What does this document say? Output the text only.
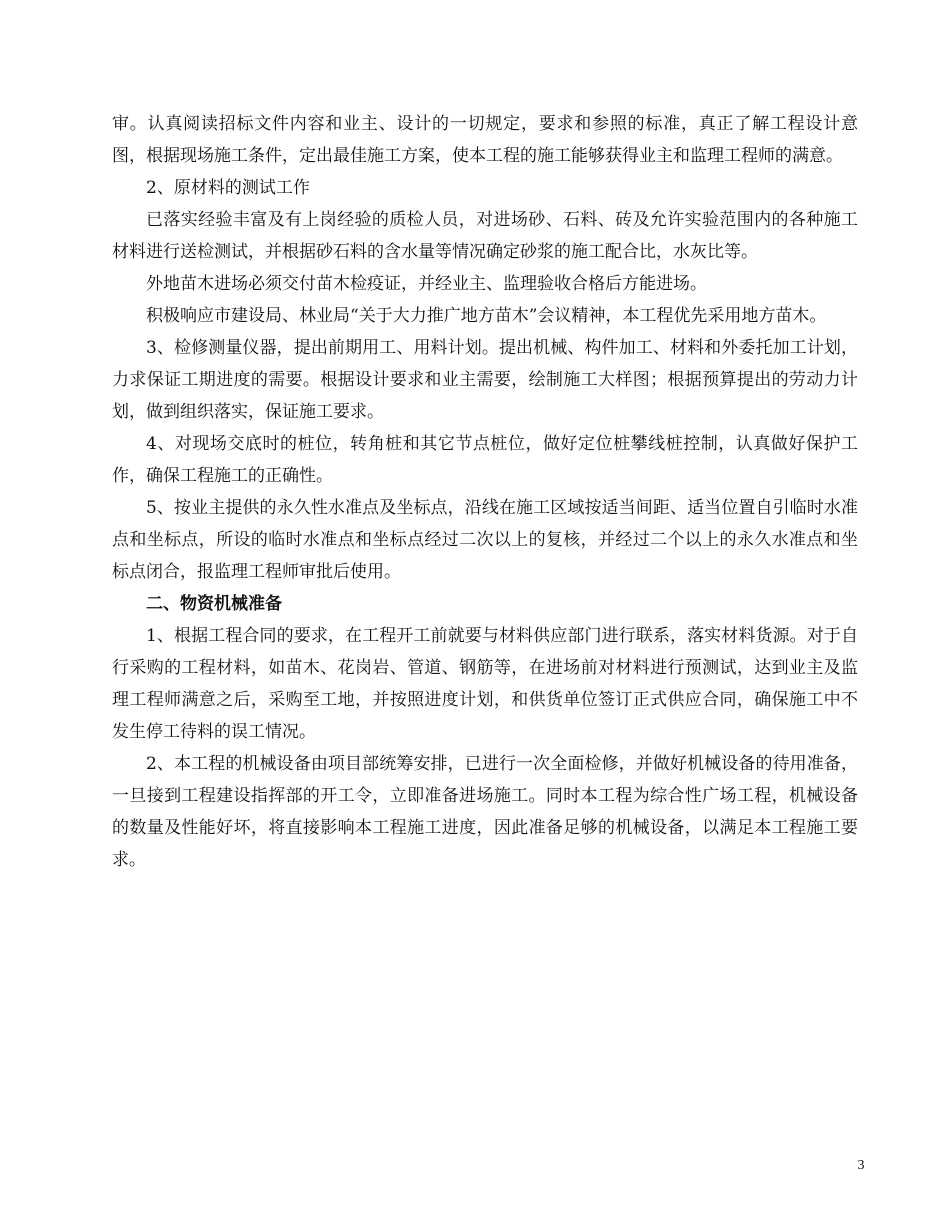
审。认真阅读招标文件内容和业主、设计的一切规定，要求和参照的标准，真正了解工程设计意图，根据现场施工条件，定出最佳施工方案，使本工程的施工能够获得业主和监理工程师的满意。

2、原材料的测试工作

已落实经验丰富及有上岗经验的质检人员，对进场砂、石料、砖及允许实验范围内的各种施工材料进行送检测试，并根据砂石料的含水量等情况确定砂浆的施工配合比，水灰比等。

外地苗木进场必须交付苗木检疫证，并经业主、监理验收合格后方能进场。

积极响应市建设局、林业局“关于大力推广地方苗木”会议精神，本工程优先采用地方苗木。

3、检修测量仪器，提出前期用工、用料计划。提出机械、构件加工、材料和外委托加工计划，力求保证工期进度的需要。根据设计要求和业主需要，绘制施工大样图；根据预算提出的劳动力计划，做到组织落实，保证施工要求。

4、对现场交底时的桩位，转角桩和其它节点桩位，做好定位桩攀线桩控制，认真做好保护工作，确保工程施工的正确性。

5、按业主提供的永久性水准点及坐标点，沿线在施工区域按适当间距、适当位置自引临时水准点和坐标点，所设的临时水准点和坐标点经过二次以上的复核，并经过二个以上的永久水准点和坐标点闭合，报监理工程师审批后使用。

二、物资机械准备

1、根据工程合同的要求，在工程开工前就要与材料供应部门进行联系，落实材料货源。对于自行采购的工程材料，如苗木、花岗岩、管道、钢筋等，在进场前对材料进行预测试，达到业主及监理工程师满意之后，采购至工地，并按照进度计划，和供货单位签订正式供应合同，确保施工中不发生停工待料的误工情况。

2、本工程的机械设备由项目部统筹安排，已进行一次全面检修，并做好机械设备的待用准备，一旦接到工程建设指挥部的开工令，立即准备进场施工。同时本工程为综合性广场工程，机械设备的数量及性能好坏，将直接影响本工程施工进度，因此准备足够的机械设备，以满足本工程施工要求。

3
